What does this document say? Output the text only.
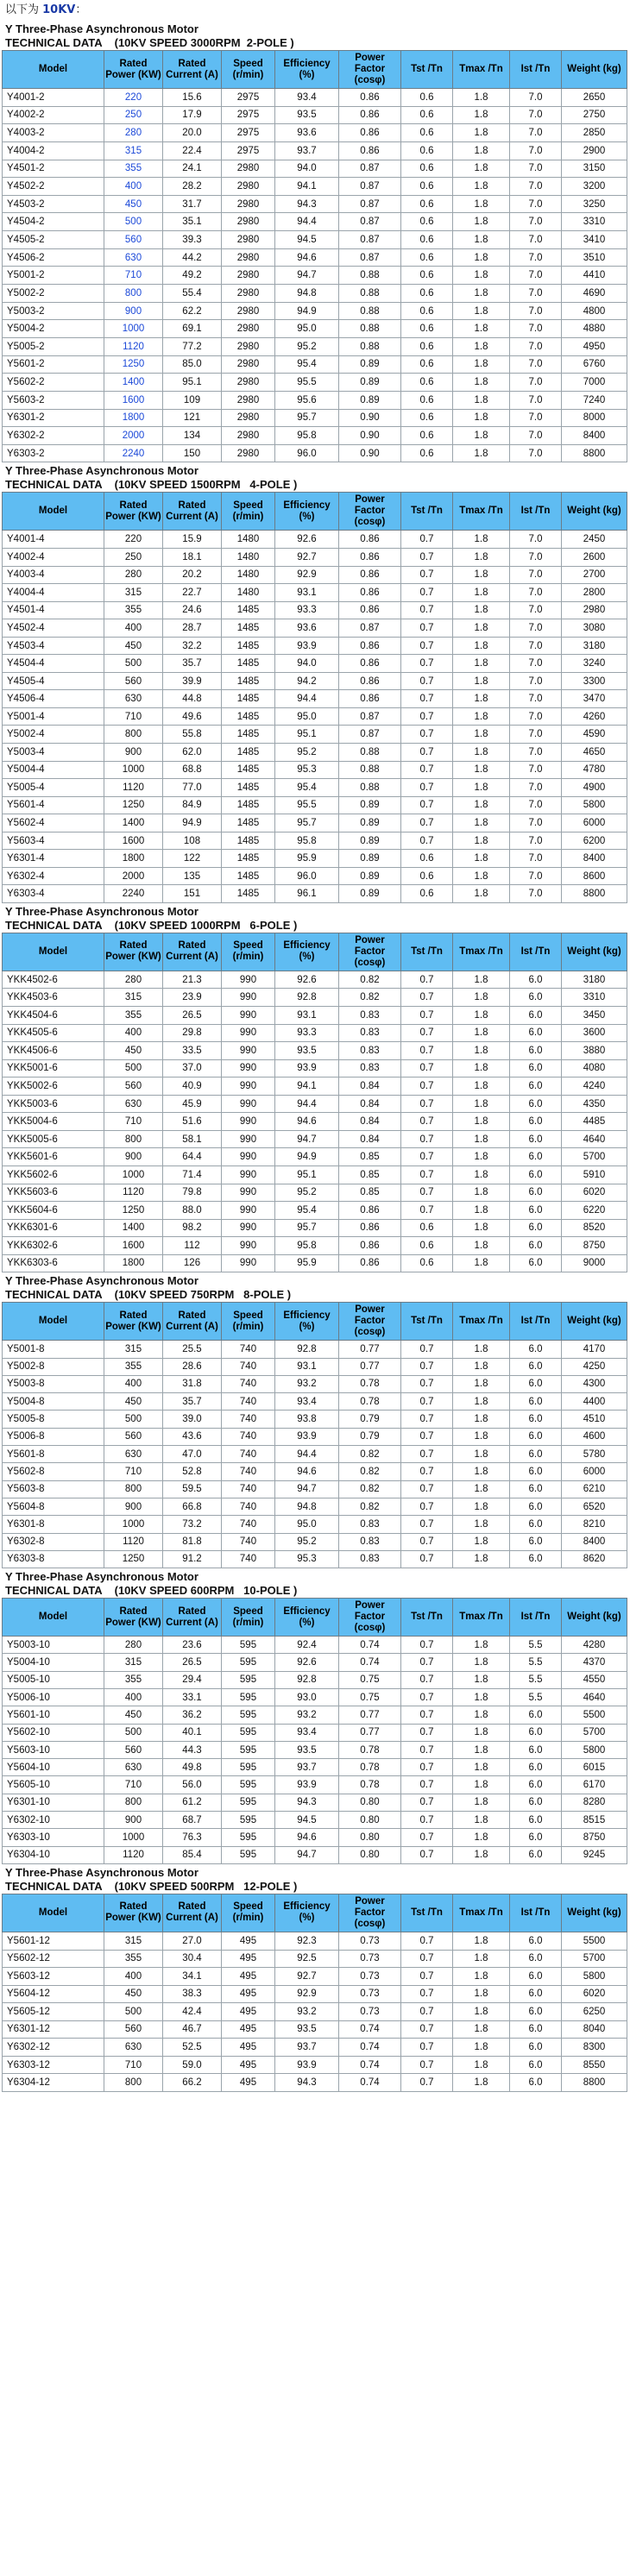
以下为 10KV：
Y Three-Phase Asynchronous Motor
TECHNICAL DATA    (10KV SPEED 3000RPM  2-POLE )
Model	Rated Power (KW)	Rated Current (A)	Speed (r/min)	Efficiency (%)	Power Factor (cosφ)	Tst /Tn	Tmax /Tn	Ist /Tn	Weight (kg)
Y4001-2	220	15.6	2975	93.4	0.86	0.6	1.8	7.0	2650
Y4002-2	250	17.9	2975	93.5	0.86	0.6	1.8	7.0	2750
Y4003-2	280	20.0	2975	93.6	0.86	0.6	1.8	7.0	2850
Y4004-2	315	22.4	2975	93.7	0.86	0.6	1.8	7.0	2900
Y4501-2	355	24.1	2980	94.0	0.87	0.6	1.8	7.0	3150
Y4502-2	400	28.2	2980	94.1	0.87	0.6	1.8	7.0	3200
Y4503-2	450	31.7	2980	94.3	0.87	0.6	1.8	7.0	3250
Y4504-2	500	35.1	2980	94.4	0.87	0.6	1.8	7.0	3310
Y4505-2	560	39.3	2980	94.5	0.87	0.6	1.8	7.0	3410
Y4506-2	630	44.2	2980	94.6	0.87	0.6	1.8	7.0	3510
Y5001-2	710	49.2	2980	94.7	0.88	0.6	1.8	7.0	4410
Y5002-2	800	55.4	2980	94.8	0.88	0.6	1.8	7.0	4690
Y5003-2	900	62.2	2980	94.9	0.88	0.6	1.8	7.0	4800
Y5004-2	1000	69.1	2980	95.0	0.88	0.6	1.8	7.0	4880
Y5005-2	1120	77.2	2980	95.2	0.88	0.6	1.8	7.0	4950
Y5601-2	1250	85.0	2980	95.4	0.89	0.6	1.8	7.0	6760
Y5602-2	1400	95.1	2980	95.5	0.89	0.6	1.8	7.0	7000
Y5603-2	1600	109	2980	95.6	0.89	0.6	1.8	7.0	7240
Y6301-2	1800	121	2980	95.7	0.90	0.6	1.8	7.0	8000
Y6302-2	2000	134	2980	95.8	0.90	0.6	1.8	7.0	8400
Y6303-2	2240	150	2980	96.0	0.90	0.6	1.8	7.0	8800
Y Three-Phase Asynchronous Motor
TECHNICAL DATA    (10KV SPEED 1500RPM   4-POLE )
Model	Rated Power (KW)	Rated Current (A)	Speed (r/min)	Efficiency (%)	Power Factor (cosφ)	Tst /Tn	Tmax /Tn	Ist /Tn	Weight (kg)
Y4001-4	220	15.9	1480	92.6	0.86	0.7	1.8	7.0	2450
Y4002-4	250	18.1	1480	92.7	0.86	0.7	1.8	7.0	2600
Y4003-4	280	20.2	1480	92.9	0.86	0.7	1.8	7.0	2700
Y4004-4	315	22.7	1480	93.1	0.86	0.7	1.8	7.0	2800
Y4501-4	355	24.6	1485	93.3	0.86	0.7	1.8	7.0	2980
Y4502-4	400	28.7	1485	93.6	0.87	0.7	1.8	7.0	3080
Y4503-4	450	32.2	1485	93.9	0.86	0.7	1.8	7.0	3180
Y4504-4	500	35.7	1485	94.0	0.86	0.7	1.8	7.0	3240
Y4505-4	560	39.9	1485	94.2	0.86	0.7	1.8	7.0	3300
Y4506-4	630	44.8	1485	94.4	0.86	0.7	1.8	7.0	3470
Y5001-4	710	49.6	1485	95.0	0.87	0.7	1.8	7.0	4260
Y5002-4	800	55.8	1485	95.1	0.87	0.7	1.8	7.0	4590
Y5003-4	900	62.0	1485	95.2	0.88	0.7	1.8	7.0	4650
Y5004-4	1000	68.8	1485	95.3	0.88	0.7	1.8	7.0	4780
Y5005-4	1120	77.0	1485	95.4	0.88	0.7	1.8	7.0	4900
Y5601-4	1250	84.9	1485	95.5	0.89	0.7	1.8	7.0	5800
Y5602-4	1400	94.9	1485	95.7	0.89	0.7	1.8	7.0	6000
Y5603-4	1600	108	1485	95.8	0.89	0.7	1.8	7.0	6200
Y6301-4	1800	122	1485	95.9	0.89	0.6	1.8	7.0	8400
Y6302-4	2000	135	1485	96.0	0.89	0.6	1.8	7.0	8600
Y6303-4	2240	151	1485	96.1	0.89	0.6	1.8	7.0	8800
Y Three-Phase Asynchronous Motor
TECHNICAL DATA    (10KV SPEED 1000RPM   6-POLE )
Model	Rated Power (KW)	Rated Current (A)	Speed (r/min)	Efficiency (%)	Power Factor (cosφ)	Tst /Tn	Tmax /Tn	Ist /Tn	Weight (kg)
YKK4502-6	280	21.3	990	92.6	0.82	0.7	1.8	6.0	3180
YKK4503-6	315	23.9	990	92.8	0.82	0.7	1.8	6.0	3310
YKK4504-6	355	26.5	990	93.1	0.83	0.7	1.8	6.0	3450
YKK4505-6	400	29.8	990	93.3	0.83	0.7	1.8	6.0	3600
YKK4506-6	450	33.5	990	93.5	0.83	0.7	1.8	6.0	3880
YKK5001-6	500	37.0	990	93.9	0.83	0.7	1.8	6.0	4080
YKK5002-6	560	40.9	990	94.1	0.84	0.7	1.8	6.0	4240
YKK5003-6	630	45.9	990	94.4	0.84	0.7	1.8	6.0	4350
YKK5004-6	710	51.6	990	94.6	0.84	0.7	1.8	6.0	4485
YKK5005-6	800	58.1	990	94.7	0.84	0.7	1.8	6.0	4640
YKK5601-6	900	64.4	990	94.9	0.85	0.7	1.8	6.0	5700
YKK5602-6	1000	71.4	990	95.1	0.85	0.7	1.8	6.0	5910
YKK5603-6	1120	79.8	990	95.2	0.85	0.7	1.8	6.0	6020
YKK5604-6	1250	88.0	990	95.4	0.86	0.7	1.8	6.0	6220
YKK6301-6	1400	98.2	990	95.7	0.86	0.6	1.8	6.0	8520
YKK6302-6	1600	112	990	95.8	0.86	0.6	1.8	6.0	8750
YKK6303-6	1800	126	990	95.9	0.86	0.6	1.8	6.0	9000
Y Three-Phase Asynchronous Motor
TECHNICAL DATA    (10KV SPEED 750RPM   8-POLE )
Model	Rated Power (KW)	Rated Current (A)	Speed (r/min)	Efficiency (%)	Power Factor (cosφ)	Tst /Tn	Tmax /Tn	Ist /Tn	Weight (kg)
Y5001-8	315	25.5	740	92.8	0.77	0.7	1.8	6.0	4170
Y5002-8	355	28.6	740	93.1	0.77	0.7	1.8	6.0	4250
Y5003-8	400	31.8	740	93.2	0.78	0.7	1.8	6.0	4300
Y5004-8	450	35.7	740	93.4	0.78	0.7	1.8	6.0	4400
Y5005-8	500	39.0	740	93.8	0.79	0.7	1.8	6.0	4510
Y5006-8	560	43.6	740	93.9	0.79	0.7	1.8	6.0	4600
Y5601-8	630	47.0	740	94.4	0.82	0.7	1.8	6.0	5780
Y5602-8	710	52.8	740	94.6	0.82	0.7	1.8	6.0	6000
Y5603-8	800	59.5	740	94.7	0.82	0.7	1.8	6.0	6210
Y5604-8	900	66.8	740	94.8	0.82	0.7	1.8	6.0	6520
Y6301-8	1000	73.2	740	95.0	0.83	0.7	1.8	6.0	8210
Y6302-8	1120	81.8	740	95.2	0.83	0.7	1.8	6.0	8400
Y6303-8	1250	91.2	740	95.3	0.83	0.7	1.8	6.0	8620
Y Three-Phase Asynchronous Motor
TECHNICAL DATA    (10KV SPEED 600RPM   10-POLE )
Model	Rated Power (KW)	Rated Current (A)	Speed (r/min)	Efficiency (%)	Power Factor (cosφ)	Tst /Tn	Tmax /Tn	Ist /Tn	Weight (kg)
Y5003-10	280	23.6	595	92.4	0.74	0.7	1.8	5.5	4280
Y5004-10	315	26.5	595	92.6	0.74	0.7	1.8	5.5	4370
Y5005-10	355	29.4	595	92.8	0.75	0.7	1.8	5.5	4550
Y5006-10	400	33.1	595	93.0	0.75	0.7	1.8	5.5	4640
Y5601-10	450	36.2	595	93.2	0.77	0.7	1.8	6.0	5500
Y5602-10	500	40.1	595	93.4	0.77	0.7	1.8	6.0	5700
Y5603-10	560	44.3	595	93.5	0.78	0.7	1.8	6.0	5800
Y5604-10	630	49.8	595	93.7	0.78	0.7	1.8	6.0	6015
Y5605-10	710	56.0	595	93.9	0.78	0.7	1.8	6.0	6170
Y6301-10	800	61.2	595	94.3	0.80	0.7	1.8	6.0	8280
Y6302-10	900	68.7	595	94.5	0.80	0.7	1.8	6.0	8515
Y6303-10	1000	76.3	595	94.6	0.80	0.7	1.8	6.0	8750
Y6304-10	1120	85.4	595	94.7	0.80	0.7	1.8	6.0	9245
Y Three-Phase Asynchronous Motor
TECHNICAL DATA    (10KV SPEED 500RPM   12-POLE )
Model	Rated Power (KW)	Rated Current (A)	Speed (r/min)	Efficiency (%)	Power Factor (cosφ)	Tst /Tn	Tmax /Tn	Ist /Tn	Weight (kg)
Y5601-12	315	27.0	495	92.3	0.73	0.7	1.8	6.0	5500
Y5602-12	355	30.4	495	92.5	0.73	0.7	1.8	6.0	5700
Y5603-12	400	34.1	495	92.7	0.73	0.7	1.8	6.0	5800
Y5604-12	450	38.3	495	92.9	0.73	0.7	1.8	6.0	6020
Y5605-12	500	42.4	495	93.2	0.73	0.7	1.8	6.0	6250
Y6301-12	560	46.7	495	93.5	0.74	0.7	1.8	6.0	8040
Y6302-12	630	52.5	495	93.7	0.74	0.7	1.8	6.0	8300
Y6303-12	710	59.0	495	93.9	0.74	0.7	1.8	6.0	8550
Y6304-12	800	66.2	495	94.3	0.74	0.7	1.8	6.0	8800
